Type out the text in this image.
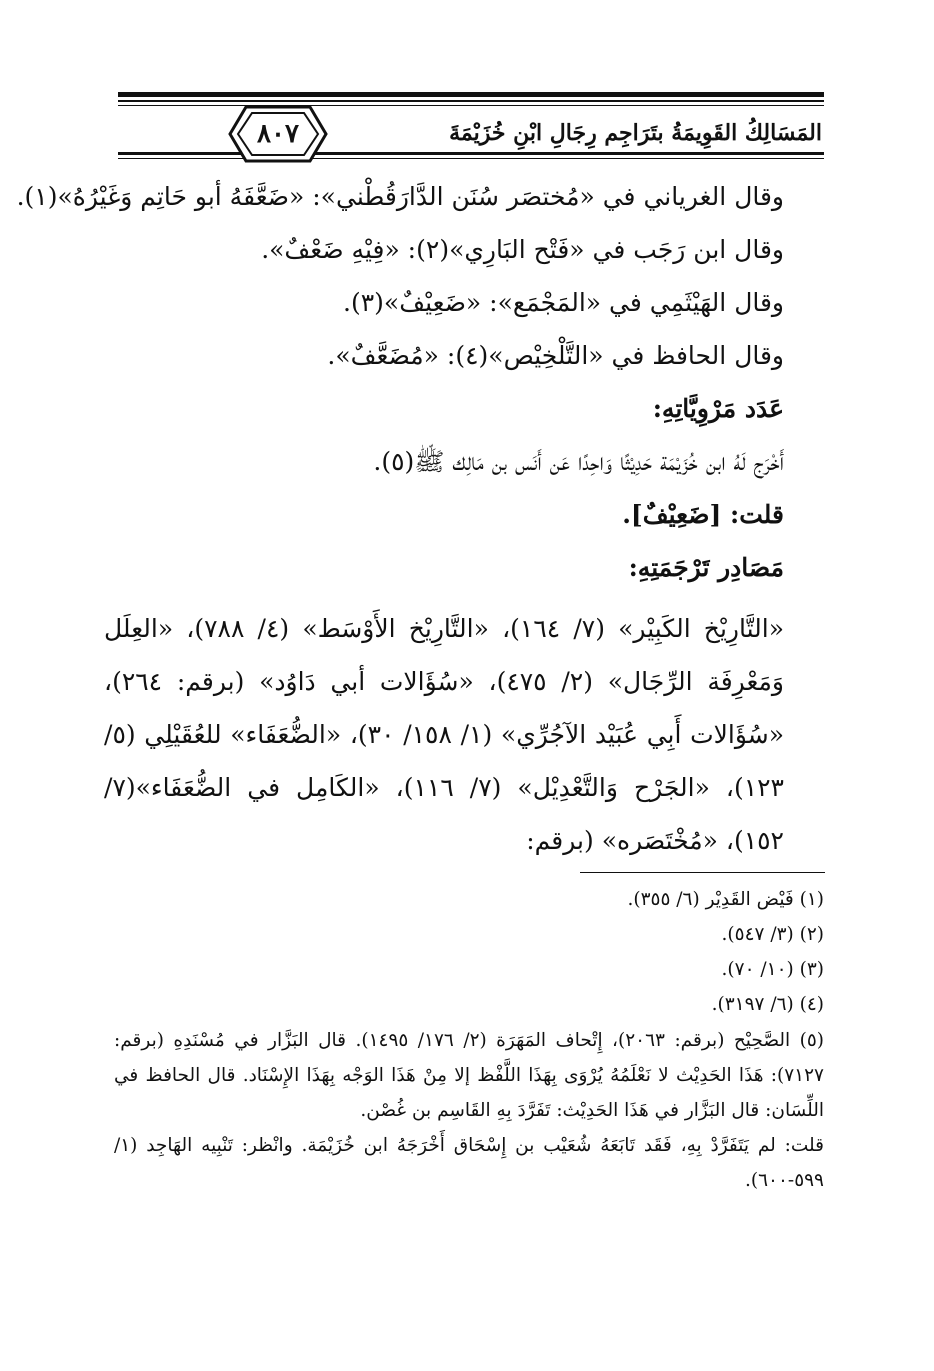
المَسَالِكُ القَوِيمَةُ بتَرَاجِم رِجَالِ ابْنِ خُزَيْمَةَ
٨٠٧
وقال الغرياني في «مُختصَر سُنَن الدَّارَقُطْني»: «ضَعَّفَهُ أبو حَاتِم وَغَيْرُهُ»(١).
وقال ابن رَجَب في «فَتْح البَارِي»(٢): «فِيْهِ ضَعْفٌ».
وقال الهَيْثَمِي في «المَجْمَع»: «ضَعِيْفٌ»(٣).
وقال الحافظ في «التَّلْخِيْص»(٤): «مُضَعَّفٌ».
عَدَد مَرْوِيَّاتِهِ:
أَخْرَج لَهُ ابن خُزَيْمَة حَدِيْثًا وَاحِدًا عَن أَنَس بن مَالِك ﷺ(٥).
قلت: [ضَعِيْفٌ].
مَصَادِر تَرْجَمَتِهِ:
«التَّارِيْخ الكَبِيْر» (٧/ ١٦٤)، «التَّارِيْخ الأَوْسَط» (٤/ ٧٨٨)، «العِلَل وَمَعْرِفَة الرِّجَال» (٢/ ٤٧٥)، «سُؤَالات أبي دَاوُد» (برقم: ٢٦٤)، «سُؤَالات أَبِي عُبَيْد الآجُرِّي» (١/ ١٥٨/ ٣٠)، «الضُّعَفَاء» للعُقَيْلِي (٥/ ١٢٣)، «الجَرْح وَالتَّعْدِيْل» (٧/ ١١٦)، «الكَامِل في الضُّعَفَاء»(٧/ ١٥٢)، «مُخْتَصَره» (برقم:
(١) فَيْض القَدِيْر (٦/ ٣٥٥).
(٢) (٣/ ٥٤٧).
(٣) (١٠/ ٧٠).
(٤) (٦/ ٣١٩٧).
(٥) الصَّحِيْح (برقم: ٢٠٦٣)، إِتْحاف المَهَرَة (٢/ ١٧٦/ ١٤٩٥). قال البَزَّار في مُسْنَدِهِ (برقم: ٧١٢٧): هَذَا الحَدِيْث لا نَعْلَمُهُ يُرْوَى بِهَذَا اللَّفْظ إلا مِنْ هَذَا الوَجْه بِهَذَا الإِسْنَاد. قال الحافظ في اللِّسَان: قال البَزَّار في هَذَا الحَدِيْث: تَفَرَّدَ بِهِ القَاسِم بن غُصْن.
قلت: لم يَتَفَرَّدْ بِهِ، فَقَد تَابَعَهُ شُعَيْب بن إِسْحَاق أَخْرَجَهُ ابن خُزَيْمَة. وانْظر: تَنْبِيه الهَاجِد (١/ ٥٩٩-٦٠٠).
